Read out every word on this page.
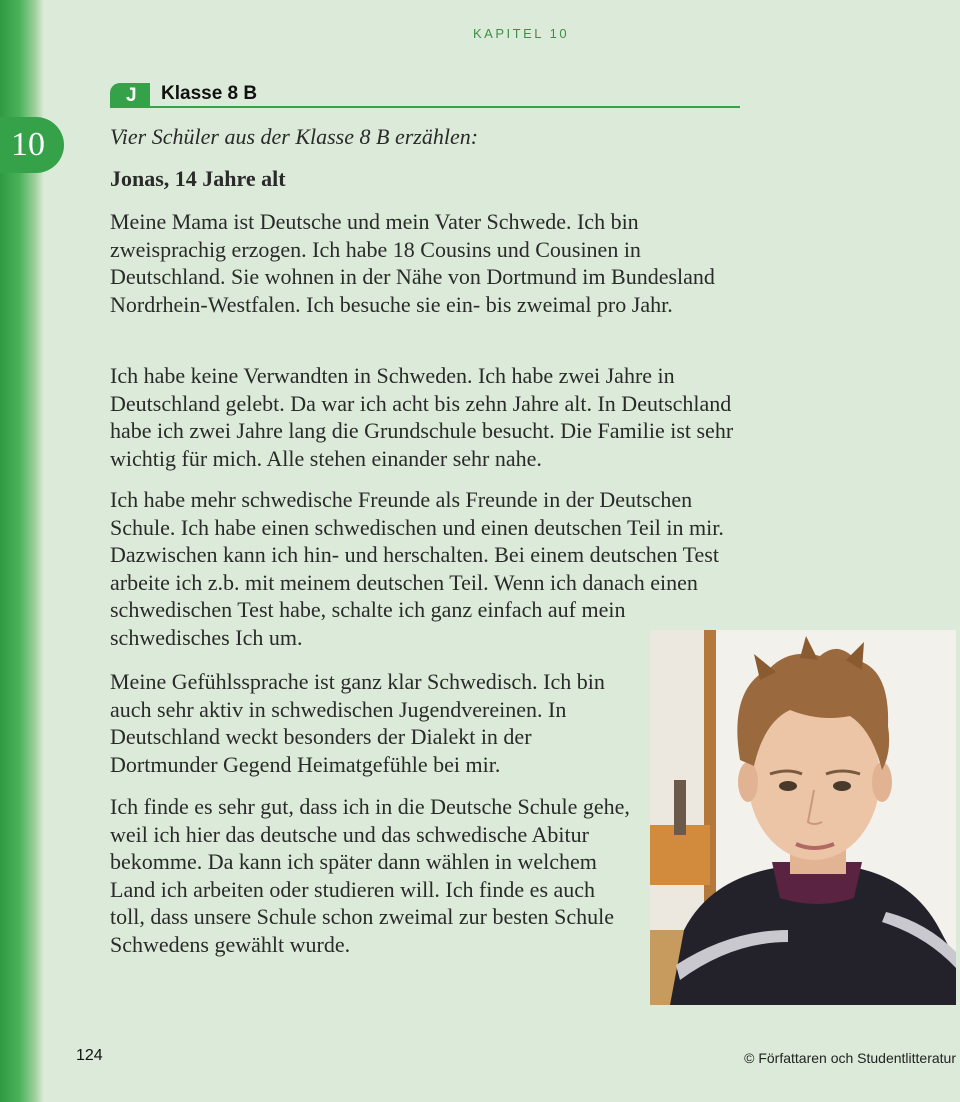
10
KAPITEL 10
J	Klasse 8 B
Vier Schüler aus der Klasse 8 B erzählen:
Jonas, 14 Jahre alt

Meine Mama ist Deutsche und mein Vater Schwede. Ich bin zweisprachig erzogen. Ich habe 18 Cousins und Cousinen in Deutschland. Sie wohnen in der Nähe von Dortmund im Bundesland Nordrhein-Westfalen. Ich besuche sie ein- bis zweimal pro Jahr.

Ich habe keine Verwandten in Schweden. Ich habe zwei Jahre in Deutschland gelebt. Da war ich acht bis zehn Jahre alt. In Deutschland habe ich zwei Jahre lang die Grundschule besucht. Die Familie ist sehr wichtig für mich. Alle stehen einander sehr nahe.

Ich habe mehr schwedische Freunde als Freunde in der Deutschen Schule. Ich habe einen schwedischen und einen deutschen Teil in mir. Dazwischen kann ich hin- und herschalten. Bei einem deutschen Test arbeite ich z.b. mit meinem deutschen Teil. Wenn ich danach einen schwedischen Test habe, schalte ich ganz einfach auf mein schwedisches Ich um.

Meine Gefühlssprache ist ganz klar Schwedisch. Ich bin auch sehr aktiv in schwedischen Jugendvereinen. In Deutschland weckt besonders der Dialekt in der Dortmunder Gegend Heimatgefühle bei mir.

Ich finde es sehr gut, dass ich in die Deutsche Schule gehe, weil ich hier das deutsche und das schwedische Abitur bekomme. Da kann ich später dann wählen in welchem Land ich arbeiten oder studieren will. Ich finde es auch toll, dass unsere Schule schon zweimal zur besten Schule Schwedens gewählt wurde.

124	© Författaren och Studentlitteratur
